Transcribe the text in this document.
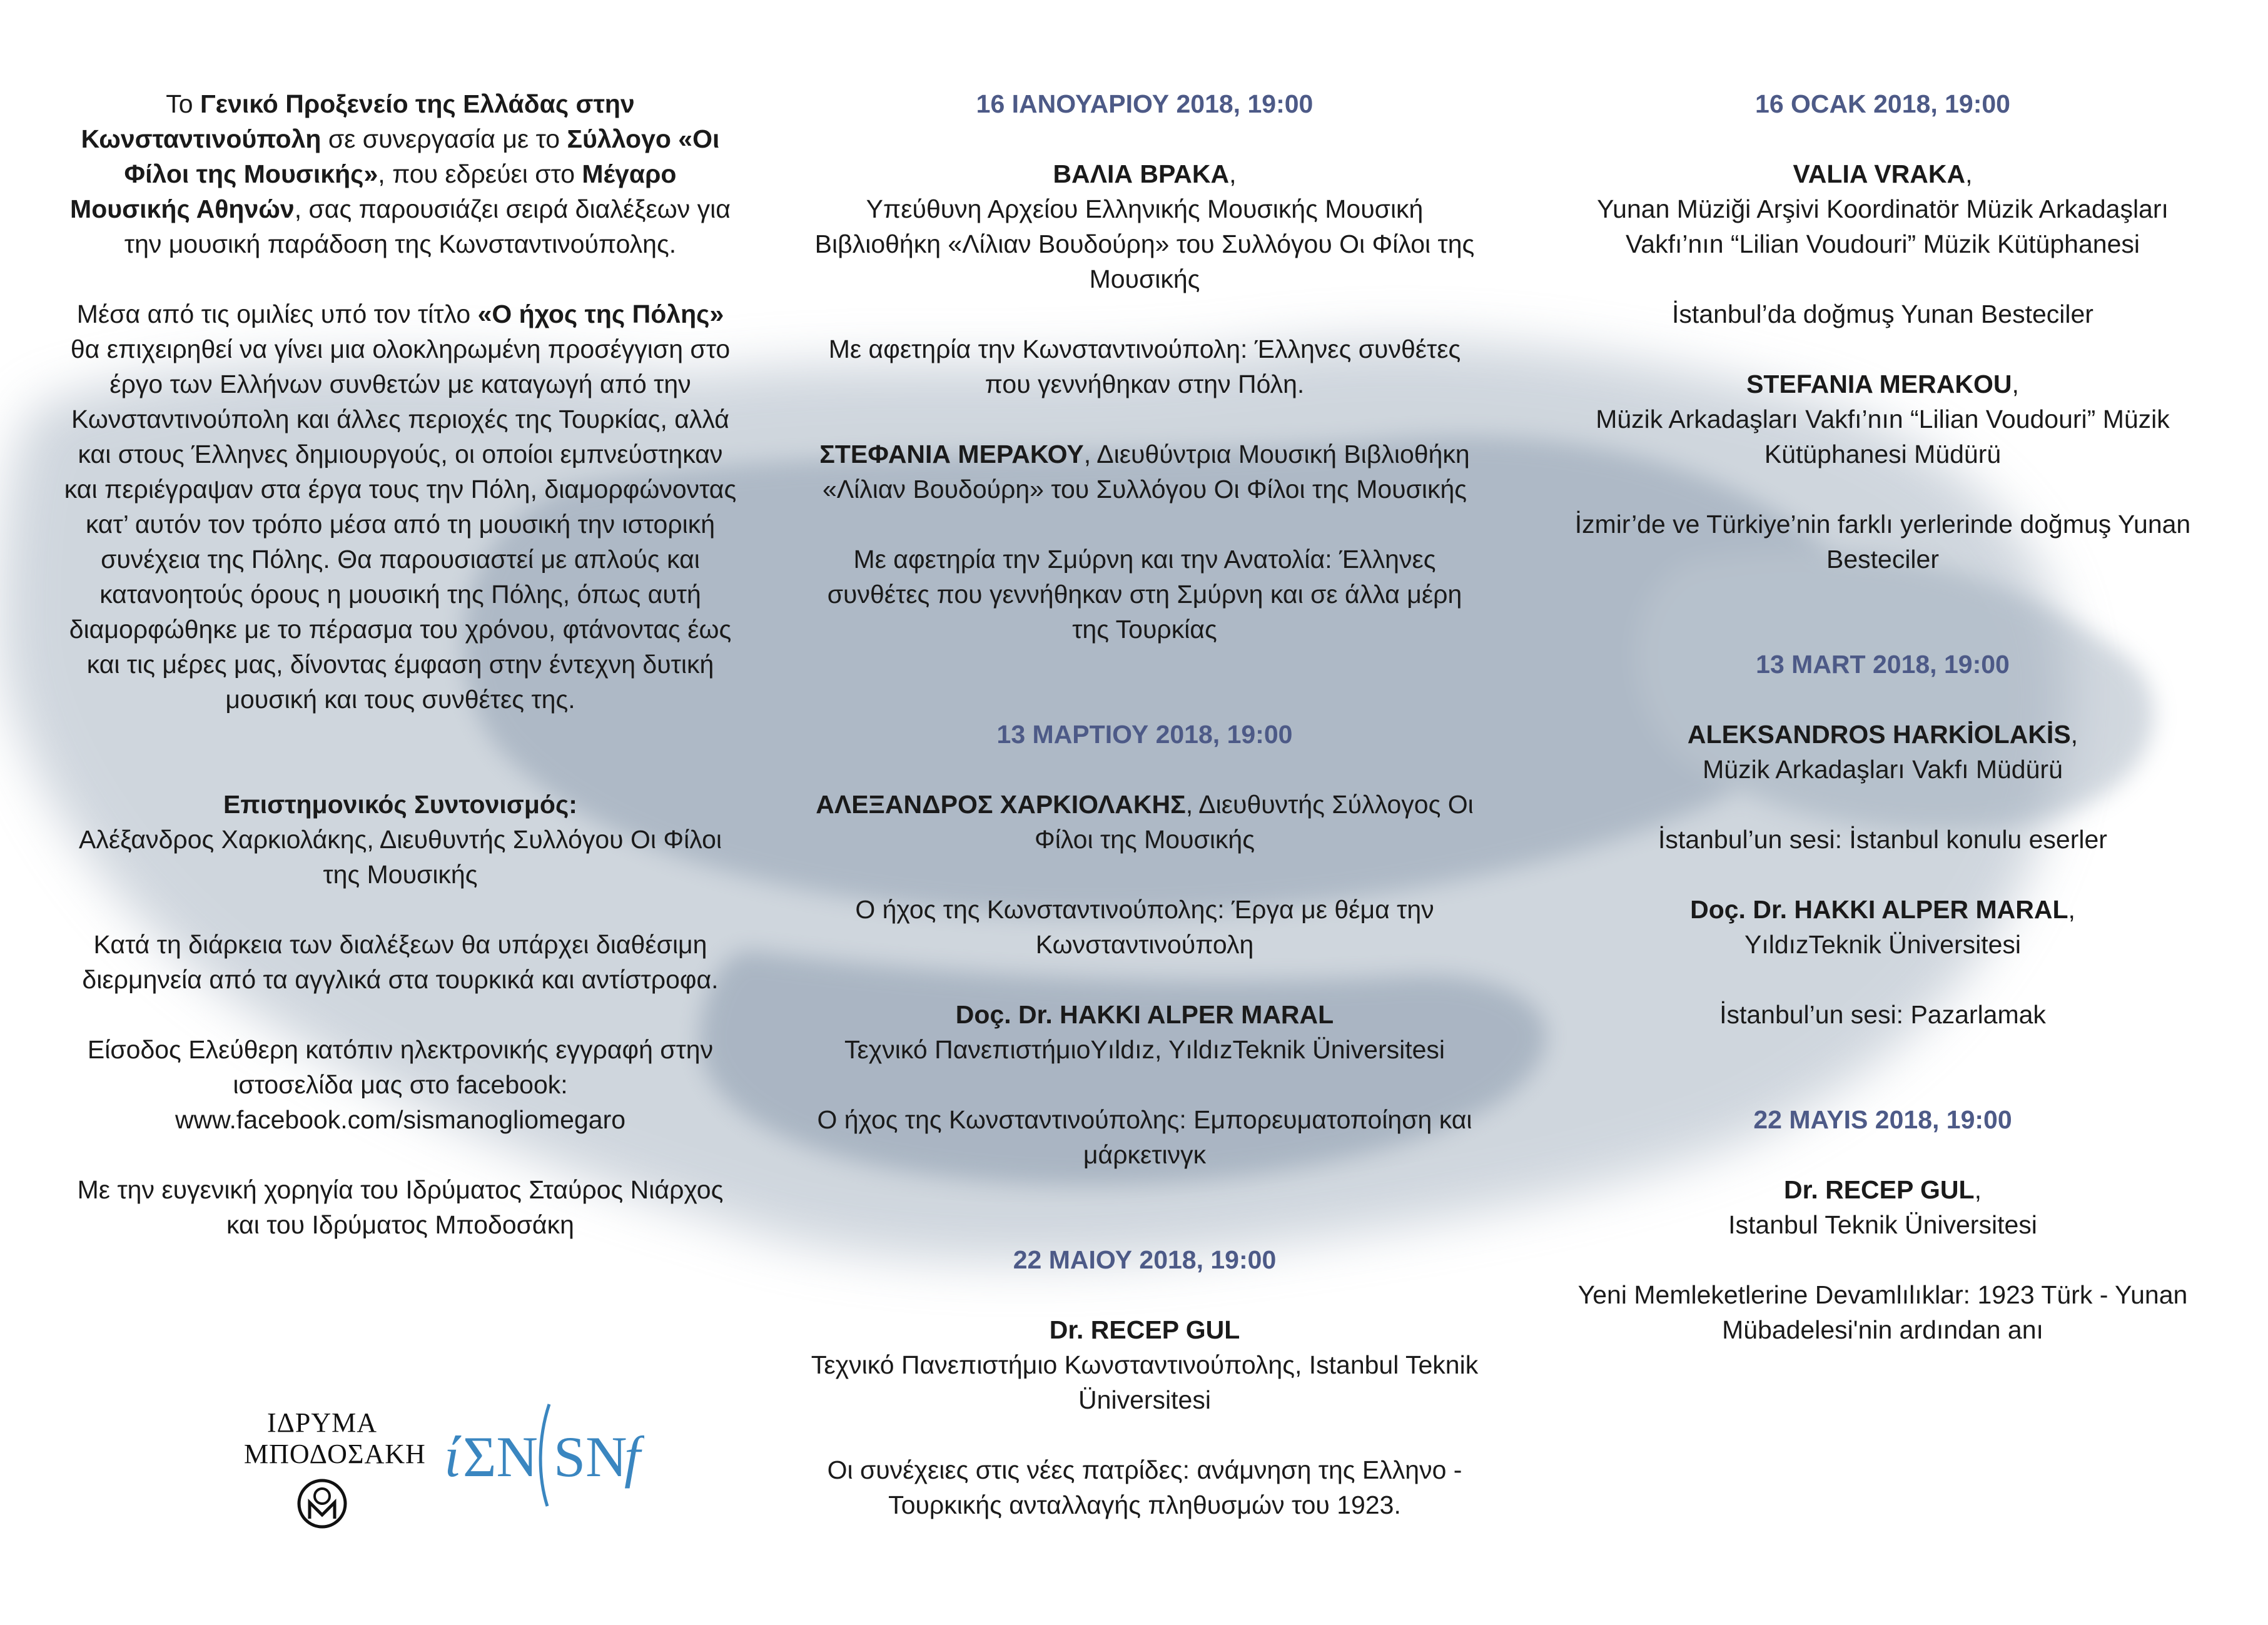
Το Γενικό Προξενείο της Ελλάδας στην Κωνσταντινούπολη σε συνεργασία με το Σύλλογο «Οι Φίλοι της Μουσικής», που εδρεύει στο Μέγαρο Μουσικής Αθηνών, σας παρουσιάζει σειρά διαλέξεων για την μουσική παράδοση της Κωνσταντινούπολης.

Μέσα από τις ομιλίες υπό τον τίτλο «Ο ήχος της Πόλης» θα επιχειρηθεί να γίνει μια ολοκληρωμένη προσέγγιση στο έργο των Ελλήνων συνθετών με καταγωγή από την Κωνσταντινούπολη και άλλες περιοχές της Τουρκίας, αλλά και στους Έλληνες δημιουργούς, οι οποίοι εμπνεύστηκαν και περιέγραψαν στα έργα τους την Πόλη, διαμορφώνοντας κατ’ αυτόν τον τρόπο μέσα από τη μουσική την ιστορική συνέχεια της Πόλης. Θα παρουσιαστεί με απλούς και κατανοητούς όρους η μουσική της Πόλης, όπως αυτή διαμορφώθηκε με το πέρασμα του χρόνου, φτάνοντας έως και τις μέρες μας, δίνοντας έμφαση στην έντεχνη δυτική μουσική και τους συνθέτες της.

Επιστημονικός Συντονισμός:

Αλέξανδρος Χαρκιολάκης, Διευθυντής Συλλόγου Οι Φίλοι της Μουσικής

Κατά τη διάρκεια των διαλέξεων θα υπάρχει διαθέσιμη διερμηνεία από τα αγγλικά στα τουρκικά και αντίστροφα.

Είσοδος Ελεύθερη κατόπιν ηλεκτρονικής εγγραφή στην ιστοσελίδα μας στο facebook:

www.facebook.com/sismanogliomegaro

Με την ευγενική χορηγία του Ιδρύματος Σταύρος Νιάρχος και του Ιδρύματος Μποδοσάκη

ΙΔΡΥΜΑ
ΜΠΟΔΟΣΑΚΗ ί ΣΝ SN
f

16 ΙΑΝΟΥΑΡΙΟΥ 2018, 19:00

ΒΑΛΙΑ ΒΡΑΚΑ,

Υπεύθυνη Αρχείου Ελληνικής Μουσικής Μουσική Βιβλιοθήκη «Λίλιαν Βουδούρη» του Συλλόγου Οι Φίλοι της Μουσικής

Με αφετηρία την Κωνσταντινούπολη: Έλληνες συνθέτες που γεννήθηκαν στην Πόλη.

ΣΤΕΦΑΝΙΑ ΜΕΡΑΚΟΥ, Διευθύντρια Μουσική Βιβλιοθήκη «Λίλιαν Βουδούρη» του Συλλόγου Οι Φίλοι της Μουσικής

Με αφετηρία την Σμύρνη και την Ανατολία: Έλληνες συνθέτες που γεννήθηκαν στη Σμύρνη και σε άλλα μέρη της Τουρκίας

13 ΜΑΡΤΙΟΥ 2018, 19:00

ΑΛΕΞΑΝΔΡΟΣ ΧΑΡΚΙΟΛΑΚΗΣ, Διευθυντής Σύλλογος Οι Φίλοι της Μουσικής

Ο ήχος της Κωνσταντινούπολης: Έργα με θέμα την Κωνσταντινούπολη

Doç. Dr. HAKKI ALPER MARAL

Τεχνικό ΠανεπιστήμιοΥıldız, YıldızTeknik Üniversitesi

Ο ήχος της Κωνσταντινούπολης: Εμπορευματοποίηση και μάρκετινγκ

22 ΜΑΙΟΥ 2018, 19:00

Dr. RECEP GUL

Τεχνικό Πανεπιστήμιο Κωνσταντινούπολης, Istanbul Teknik Üniversitesi

Οι συνέχειες στις νέες πατρίδες: ανάμνηση της Ελληνο - Τουρκικής ανταλλαγής πληθυσμών του 1923.

16 OCAK 2018, 19:00

VALIA VRAKA,

Yunan Müziği Arşivi Koordinatör Müzik Arkadaşları Vakfı’nın “Lilian Voudouri” Müzik Kütüphanesi

İstanbul’da doğmuş Yunan Besteciler

STEFANIA MERAKOU,

Müzik Arkadaşları Vakfı’nın “Lilian Voudouri” Müzik Kütüphanesi Müdürü

İzmir’de ve Türkiye’nin farklı yerlerinde doğmuş Yunan Besteciler

13 MART 2018, 19:00

ALEKSANDROS HARKİOLAKİS,

Müzik Arkadaşları Vakfı Müdürü

İstanbul’un sesi: İstanbul konulu eserler

Doç. Dr. HAKKI ALPER MARAL,

YıldızTeknik Üniversitesi

İstanbul’un sesi: Pazarlamak

22 MAYIS 2018, 19:00

Dr. RECEP GUL,

Istanbul Teknik Üniversitesi

Yeni Memleketlerine Devamlılıklar: 1923 Türk - Yunan Mübadelesi'nin ardından anı
